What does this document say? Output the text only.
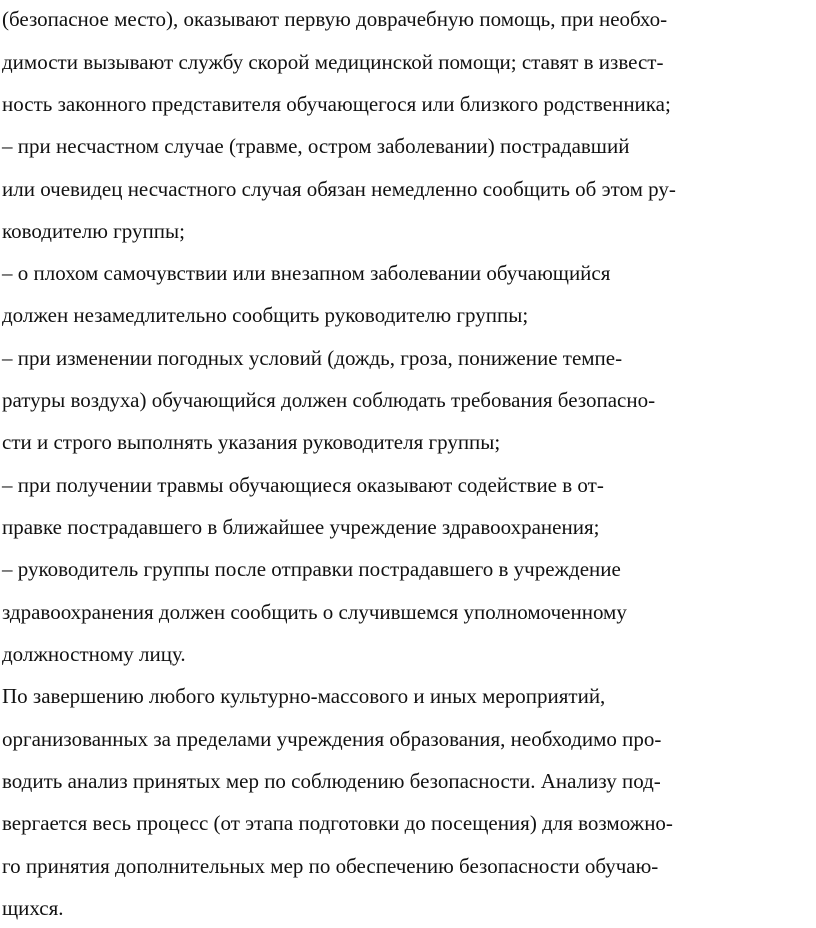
(безопасное место), оказывают первую доврачебную помощь, при необхо-
димости вызывают службу скорой медицинской помощи; ставят в извест-
ность законного представителя обучающегося или близкого родственника;
– при несчастном случае (травме, остром заболевании) пострадавший
или очевидец несчастного случая обязан немедленно сообщить об этом ру-
ководителю группы;
– о плохом самочувствии или внезапном заболевании обучающийся
должен незамедлительно сообщить руководителю группы;
– при изменении погодных условий (дождь, гроза, понижение темпе-
ратуры воздуха) обучающийся должен соблюдать требования безопасно-
сти и строго выполнять указания руководителя группы;
– при получении травмы обучающиеся оказывают содействие в от-
правке пострадавшего в ближайшее учреждение здравоохранения;
– руководитель группы после отправки пострадавшего в учреждение
здравоохранения должен сообщить о случившемся уполномоченному
должностному лицу.
По завершению любого культурно-массового и иных мероприятий,
организованных за пределами учреждения образования, необходимо про-
водить анализ принятых мер по соблюдению безопасности. Анализу под-
вергается весь процесс (от этапа подготовки до посещения) для возможно-
го принятия дополнительных мер по обеспечению безопасности обучаю-
щихся.
